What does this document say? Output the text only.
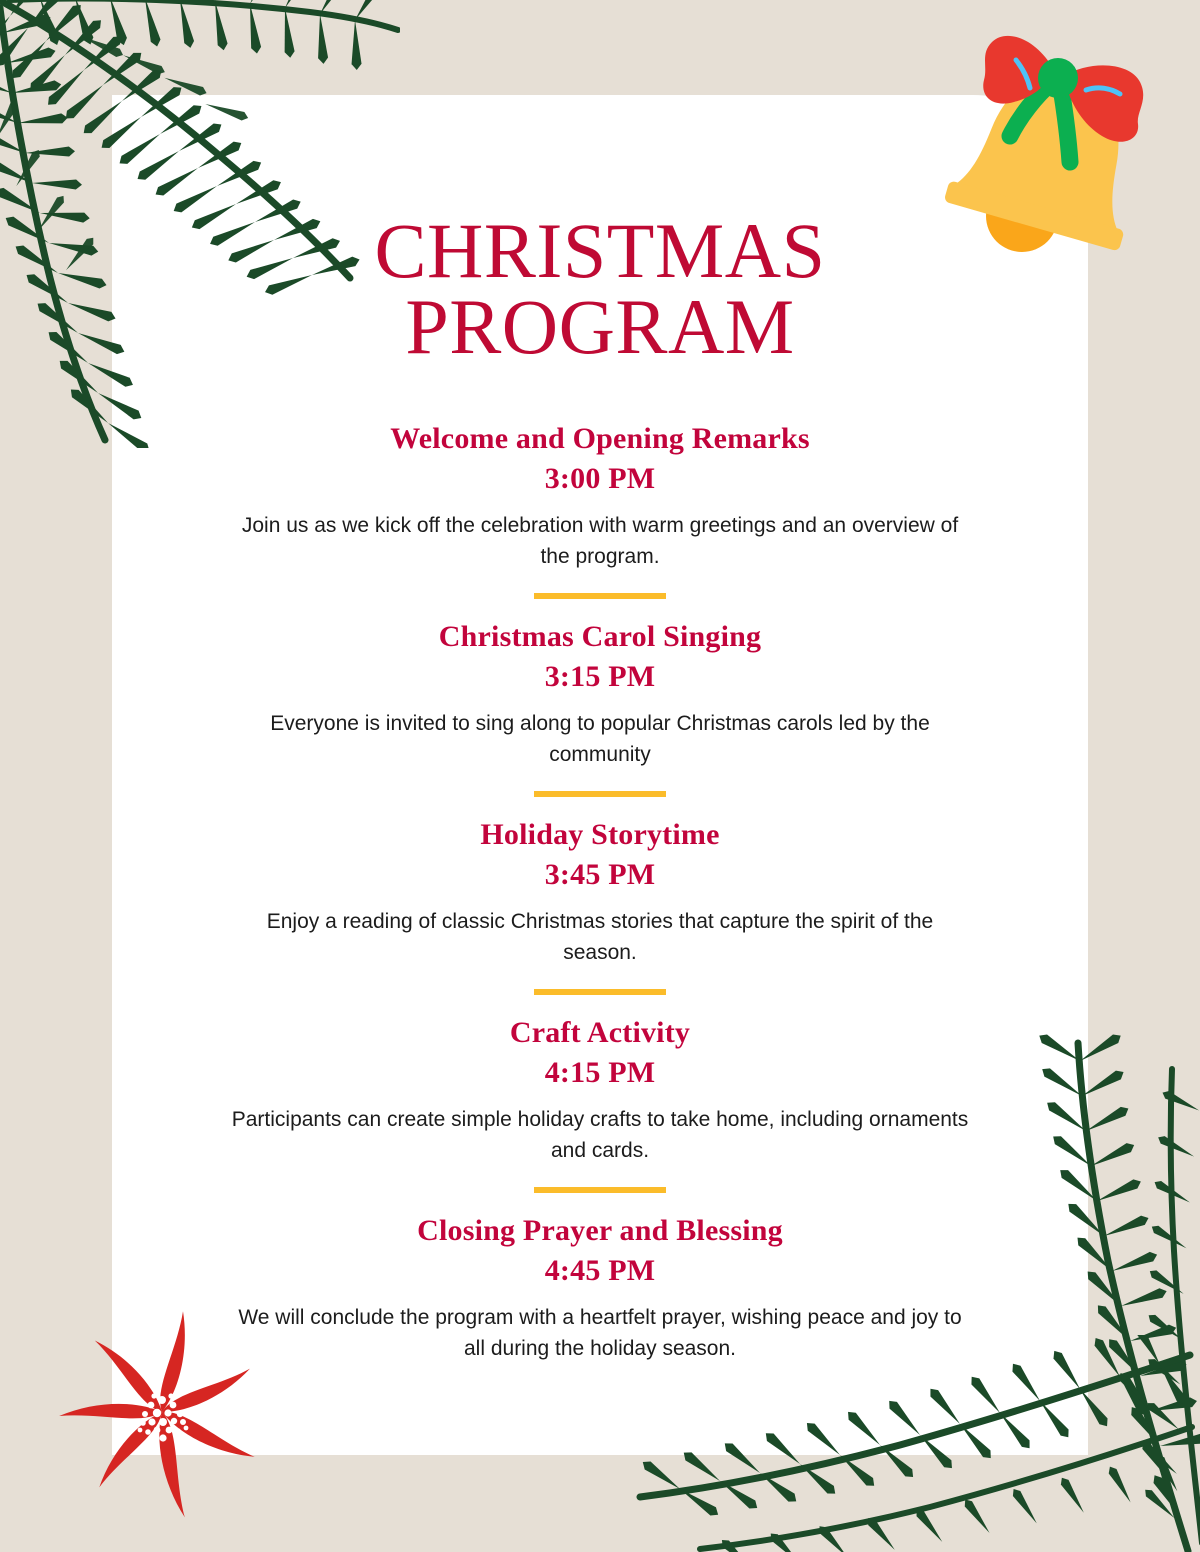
CHRISTMAS
PROGRAM

Welcome and Opening Remarks

3:00 PM

Join us as we kick off the celebration with warm greetings and an overview of the program.

Christmas Carol Singing

3:15 PM

Everyone is invited to sing along to popular Christmas carols led by the community

Holiday Storytime

3:45 PM

Enjoy a reading of classic Christmas stories that capture the spirit of the season.

Craft Activity

4:15 PM

Participants can create simple holiday crafts to take home, including ornaments and cards.

Closing Prayer and Blessing

4:45 PM

We will conclude the program with a heartfelt prayer, wishing peace and joy to all during the holiday season.
